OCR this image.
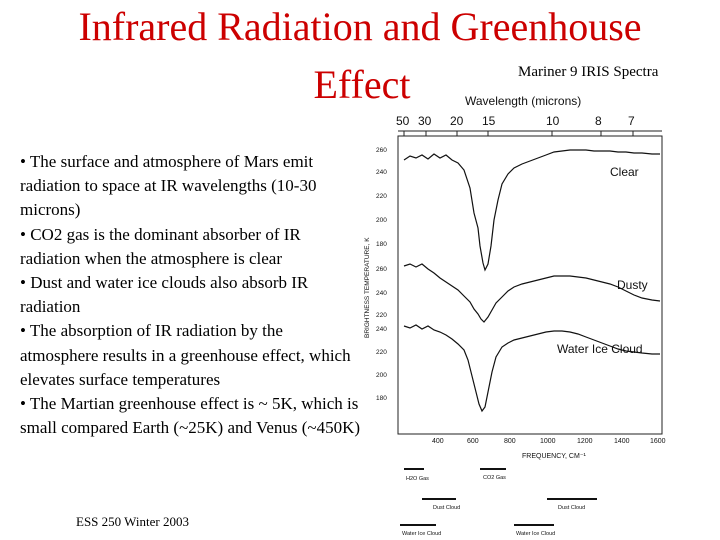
Infrared Radiation and Greenhouse
Effect	Mariner 9 IRIS Spectra

• The surface and atmosphere of Mars emit radiation to space at IR wavelengths (10-30 microns)

• CO2 gas is the dominant absorber of IR radiation when the atmosphere is clear

• Dust and water ice clouds also absorb IR radiation

• The absorption of IR radiation by the atmosphere results in a greenhouse effect, which elevates surface temperatures

• The Martian greenhouse effect is ~ 5K, which is small compared Earth (~25K) and Venus (~450K)

ESS 250 Winter 2003
Wavelength (microns)
50 30 20 15	10	8 7
260
240
220
200
180
260
240
220
240
220
200
180
BRIGHTNESS TEMPERATURE, K
Clear
Dusty
Water Ice Cloud
400	600	800	1000	1200	1400	1600
FREQUENCY, CM⁻¹
H2O Gas	CO2 Gas
Dust Cloud	Dust Cloud
Water Ice Cloud	Water Ice Cloud
